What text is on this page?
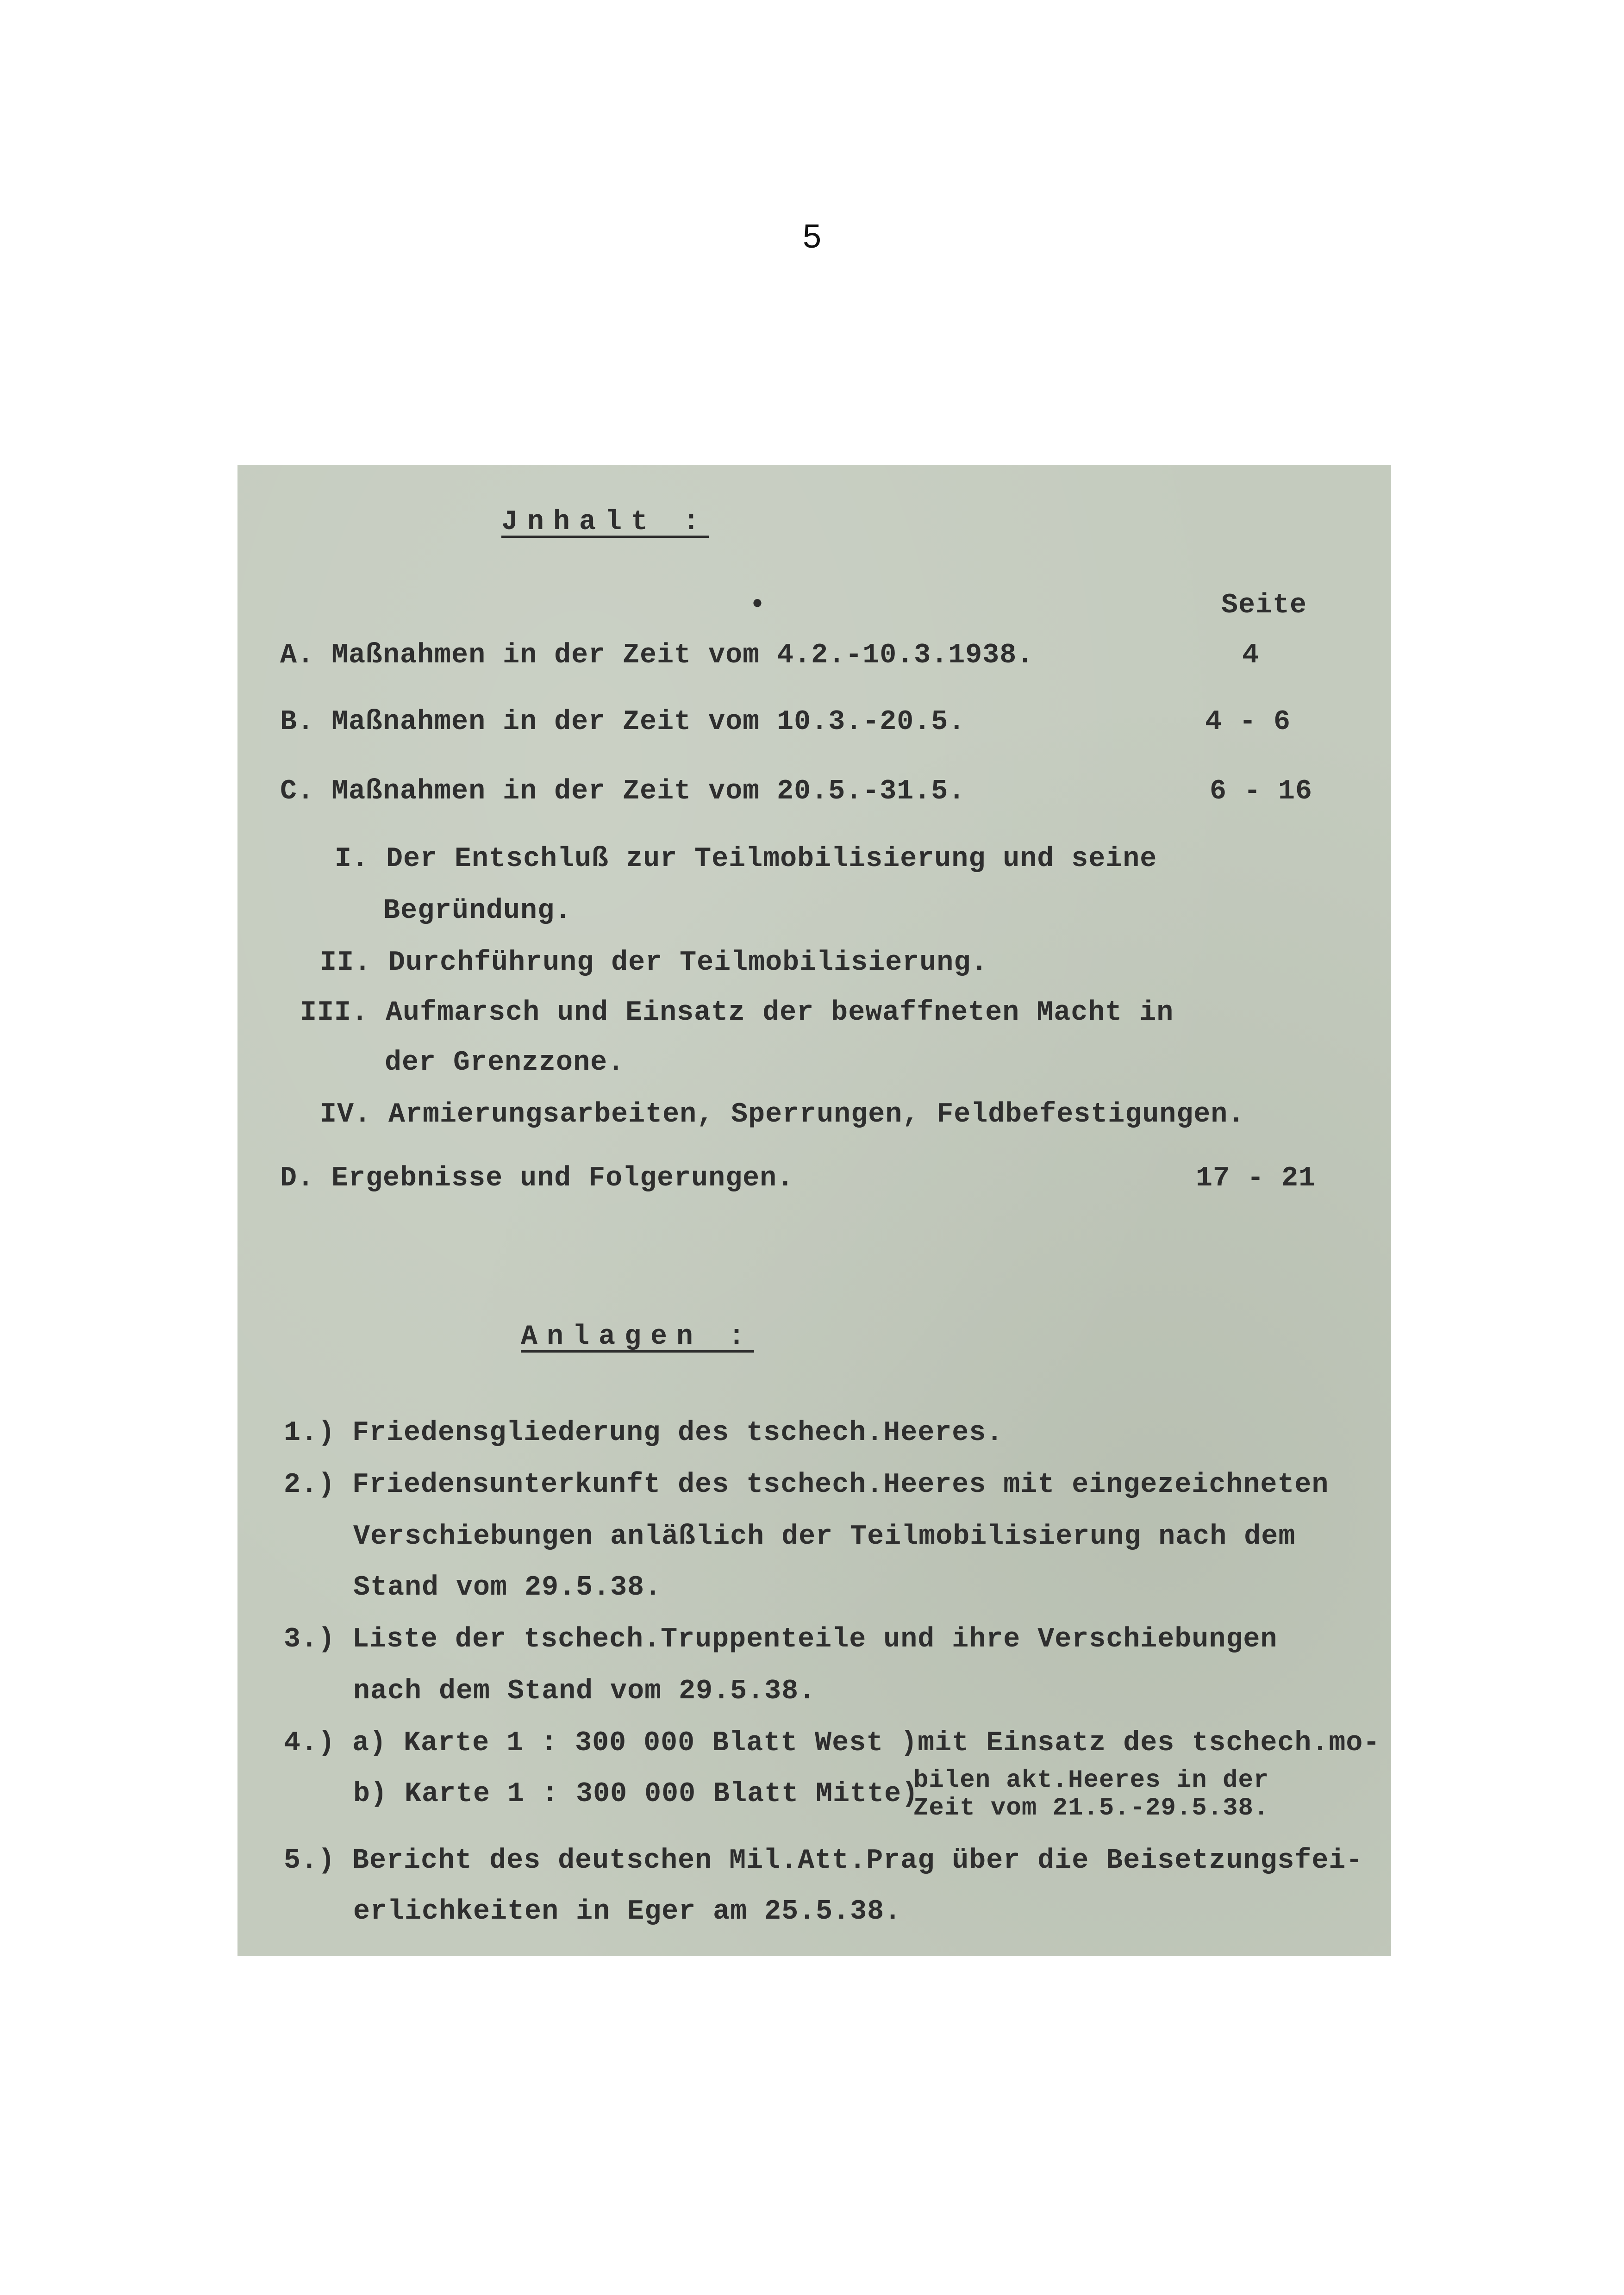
5
Jnhalt :
•	Seite
A. Maßnahmen in der Zeit vom 4.2.-10.3.1938.	4
B. Maßnahmen in der Zeit vom 10.3.-20.5.	4 - 6
C. Maßnahmen in der Zeit vom 20.5.-31.5.	6 - 16
I. Der Entschluß zur Teilmobilisierung und seine
Begründung.
II. Durchführung der Teilmobilisierung.
III. Aufmarsch und Einsatz der bewaffneten Macht in
der Grenzzone.
IV. Armierungsarbeiten, Sperrungen, Feldbefestigungen.
D. Ergebnisse und Folgerungen.	17 - 21
Anlagen :
1.) Friedensgliederung des tschech.Heeres.
2.) Friedensunterkunft des tschech.Heeres mit eingezeichneten
Verschiebungen anläßlich der Teilmobilisierung nach dem
Stand vom 29.5.38.
3.) Liste der tschech.Truppenteile und ihre Verschiebungen
nach dem Stand vom 29.5.38.
4.) a) Karte 1 : 300 000 Blatt West )mit Einsatz des tschech.mo-
b) Karte 1 : 300 000 Blatt Mitte)
bilen akt.Heeres in der
Zeit vom 21.5.-29.5.38.
5.) Bericht des deutschen Mil.Att.Prag über die Beisetzungsfei-
erlichkeiten in Eger am 25.5.38.
